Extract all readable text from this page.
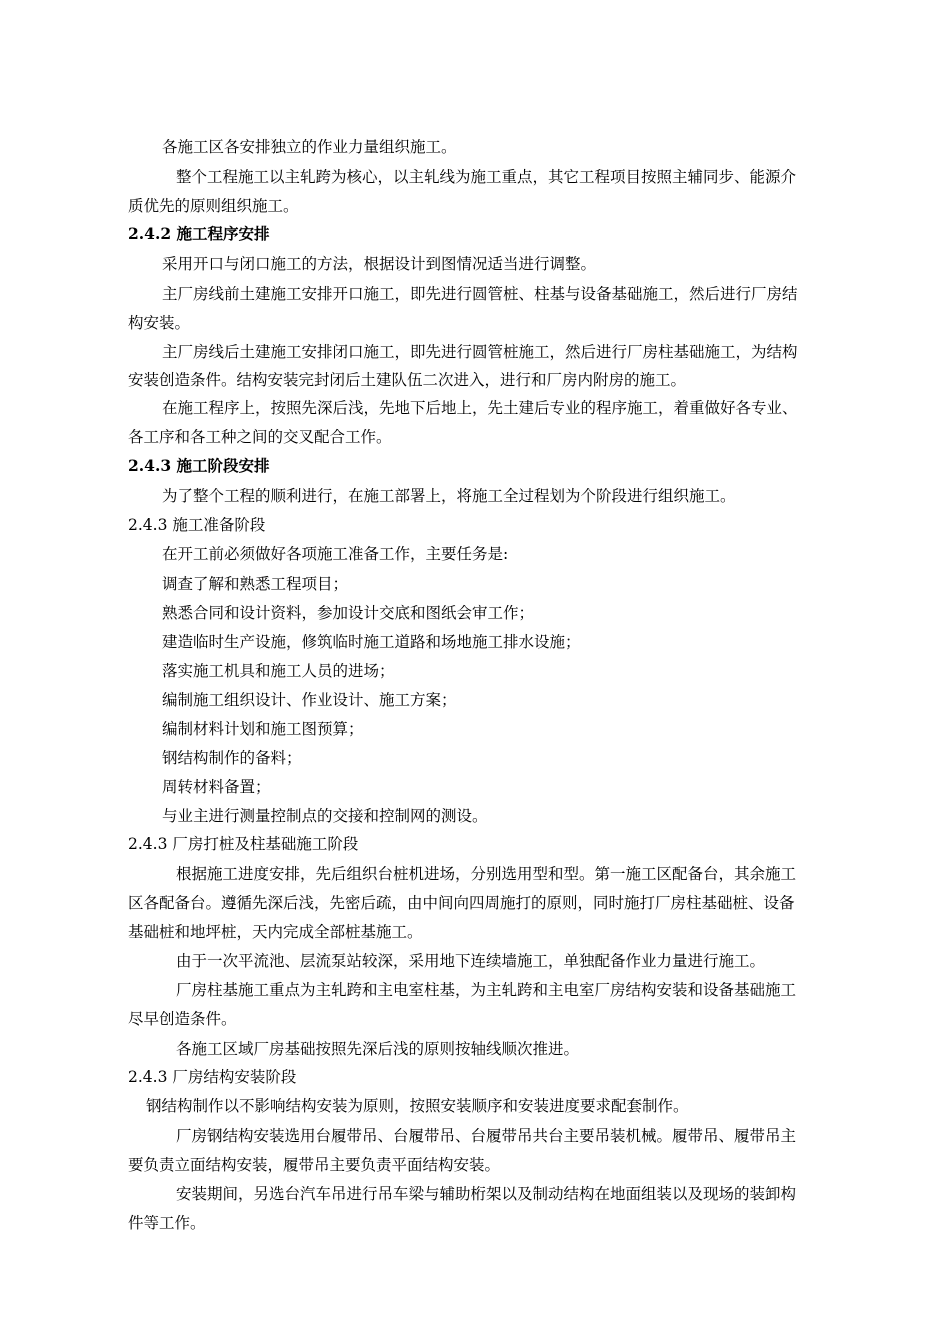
各施工区各安排独立的作业力量组织施工。
整个工程施工以主轧跨为核心，以主轧线为施工重点，其它工程项目按照主辅同步、能源介
质优先的原则组织施工。
2.4.2 施工程序安排
采用开口与闭口施工的方法，根据设计到图情况适当进行调整。
主厂房线前土建施工安排开口施工，即先进行圆管桩、柱基与设备基础施工，然后进行厂房结
构安装。
主厂房线后土建施工安排闭口施工，即先进行圆管桩施工，然后进行厂房柱基础施工，为结构
安装创造条件。结构安装完封闭后土建队伍二次进入，进行和厂房内附房的施工。
在施工程序上，按照先深后浅，先地下后地上，先土建后专业的程序施工，着重做好各专业、
各工序和各工种之间的交叉配合工作。
2.4.3 施工阶段安排
为了整个工程的顺利进行，在施工部署上，将施工全过程划为个阶段进行组织施工。
2.4.3 施工准备阶段
在开工前必须做好各项施工准备工作，主要任务是:
调查了解和熟悉工程项目；
熟悉合同和设计资料，参加设计交底和图纸会审工作；
建造临时生产设施，修筑临时施工道路和场地施工排水设施；
落实施工机具和施工人员的进场；
编制施工组织设计、作业设计、施工方案；
编制材料计划和施工图预算；
钢结构制作的备料；
周转材料备置；
与业主进行测量控制点的交接和控制网的测设。
2.4.3 厂房打桩及柱基础施工阶段
根据施工进度安排，先后组织台桩机进场，分别选用型和型。第一施工区配备台，其余施工
区各配备台。遵循先深后浅，先密后疏，由中间向四周施打的原则，同时施打厂房柱基础桩、设备
基础桩和地坪桩，天内完成全部桩基施工。
由于一次平流池、层流泵站较深，采用地下连续墙施工，单独配备作业力量进行施工。
厂房柱基施工重点为主轧跨和主电室柱基，为主轧跨和主电室厂房结构安装和设备基础施工
尽早创造条件。
各施工区域厂房基础按照先深后浅的原则按轴线顺次推进。
2.4.3 厂房结构安装阶段
钢结构制作以不影响结构安装为原则，按照安装顺序和安装进度要求配套制作。
厂房钢结构安装选用台履带吊、台履带吊、台履带吊共台主要吊装机械。履带吊、履带吊主
要负责立面结构安装，履带吊主要负责平面结构安装。
安装期间，另选台汽车吊进行吊车梁与辅助桁架以及制动结构在地面组装以及现场的装卸构
件等工作。
